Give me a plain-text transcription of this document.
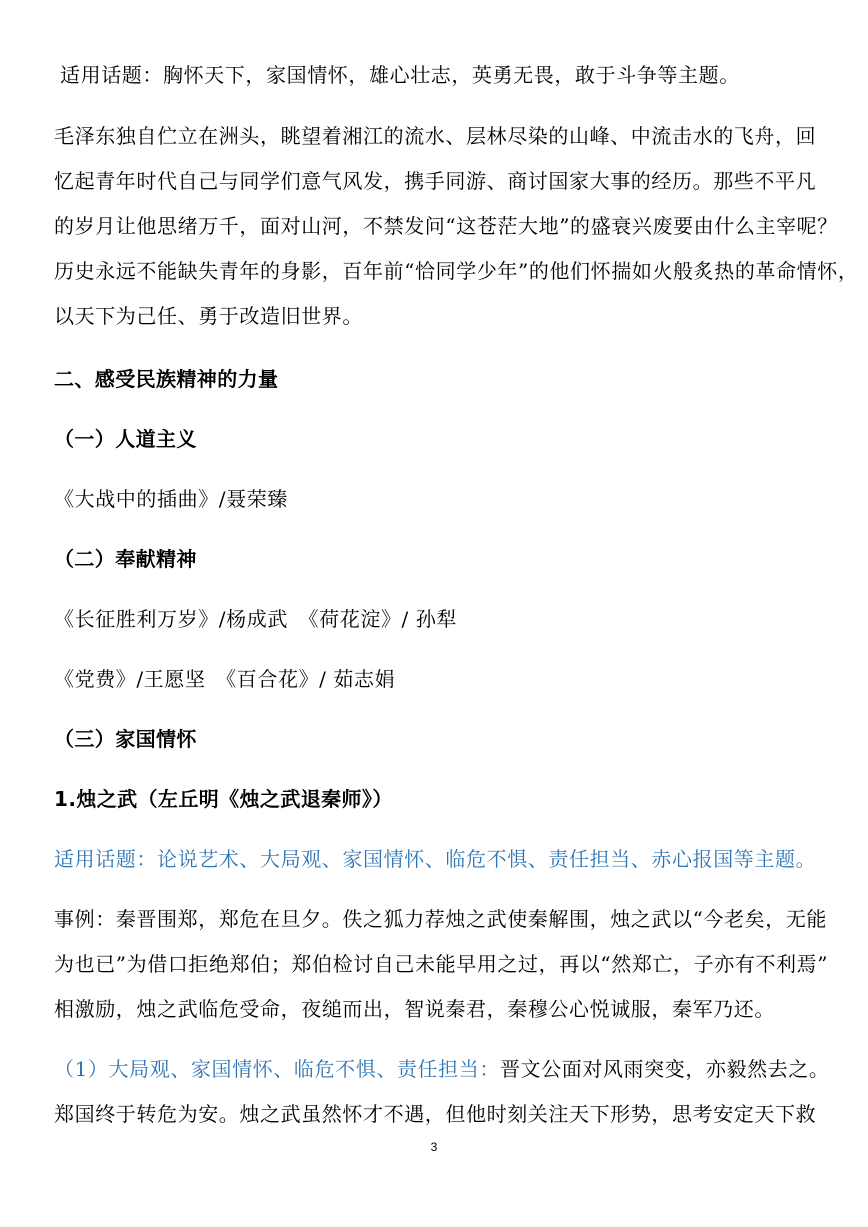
适用话题：胸怀天下，家国情怀，雄心壮志，英勇无畏，敢于斗争等主题。
毛泽东独自伫立在洲头，眺望着湘江的流水、层林尽染的山峰、中流击水的飞舟，回
忆起青年时代自己与同学们意气风发，携手同游、商讨国家大事的经历。那些不平凡
的岁月让他思绪万千，面对山河，不禁发问“这苍茫大地”的盛衰兴废要由什么主宰呢？
历史永远不能缺失青年的身影，百年前“恰同学少年”的他们怀揣如火般炙热的革命情怀，
以天下为己任、勇于改造旧世界。
二、感受民族精神的力量
（一）人道主义
《大战中的插曲》/聂荣臻
（二）奉献精神
《长征胜利万岁》/杨成武　《荷花淀》/ 孙犁
《党费》/王愿坚　《百合花》/ 茹志娟
（三）家国情怀
1.烛之武（左丘明《烛之武退秦师》）
适用话题：论说艺术、大局观、家国情怀、临危不惧、责任担当、赤心报国等主题。
事例：秦晋围郑，郑危在旦夕。佚之狐力荐烛之武使秦解围，烛之武以“今老矣，无能
为也已”为借口拒绝郑伯；郑伯检讨自己未能早用之过，再以“然郑亡，子亦有不利焉”
相激励，烛之武临危受命，夜缒而出，智说秦君，秦穆公心悦诚服，秦军乃还。
（1）大局观、家国情怀、临危不惧、责任担当：晋文公面对风雨突变，亦毅然去之。
郑国终于转危为安。烛之武虽然怀才不遇，但他时刻关注天下形势，思考安定天下救
3
